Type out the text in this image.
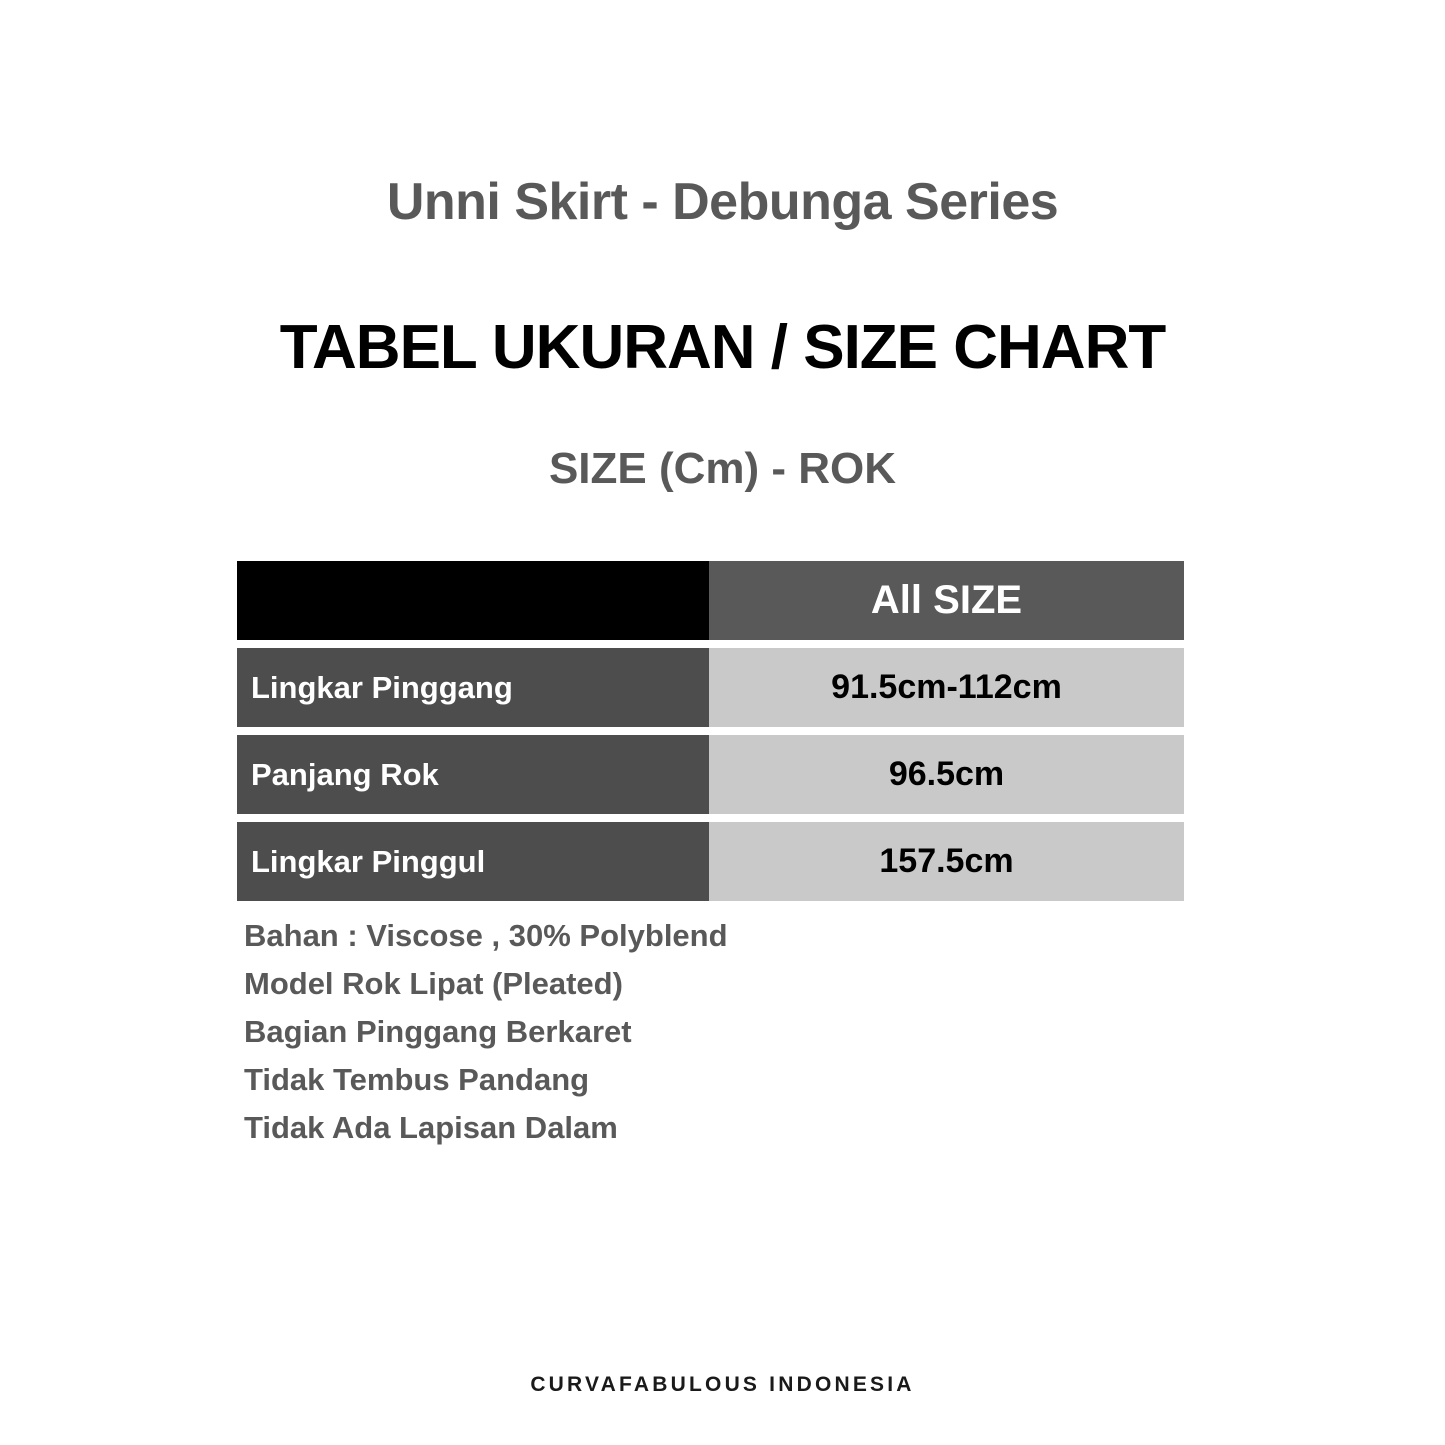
Unni Skirt - Debunga Series
TABEL UKURAN / SIZE CHART
SIZE (Cm) - ROK
	All SIZE

Lingkar Pinggang	91.5cm-112cm

Panjang Rok	96.5cm

Lingkar Pinggul	157.5cm
Bahan : Viscose , 30% Polyblend
Model Rok Lipat (Pleated)
Bagian Pinggang Berkaret
Tidak Tembus Pandang
Tidak Ada Lapisan Dalam
CURVAFABULOUS INDONESIA
